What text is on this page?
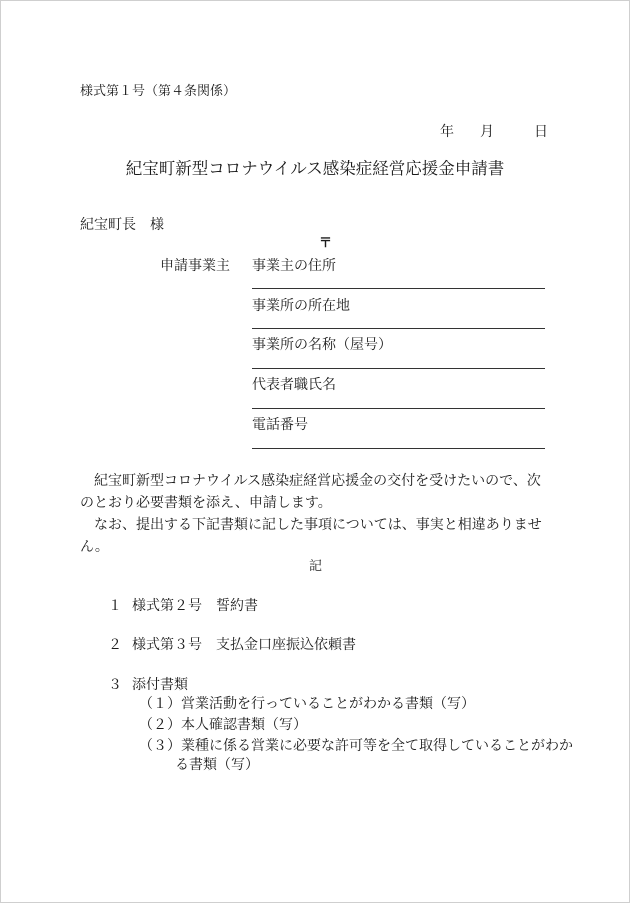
様式第１号（第４条関係）
年 月	日
紀宝町新型コロナウイルス感染症経営応援金申請書
紀宝町長　様
〒
申請事業主 事業主の住所
事業所の所在地
事業所の名称（屋号）
代表者職氏名
電話番号
紀宝町新型コロナウイルス感染症経営応援金の交付を受けたいので、次のとおり必要書類を添え、申請します。
　なお、提出する下記書類に記した事項については、事実と相違ありません。
記
１ 様式第２号　誓約書
２ 様式第３号　支払金口座振込依頼書
３ 添付書類
（１）営業活動を行っていることがわかる書類（写）
（２）本人確認書類（写）
（３）業種に係る営業に必要な許可等を全て取得していることがわか
る書類（写）
